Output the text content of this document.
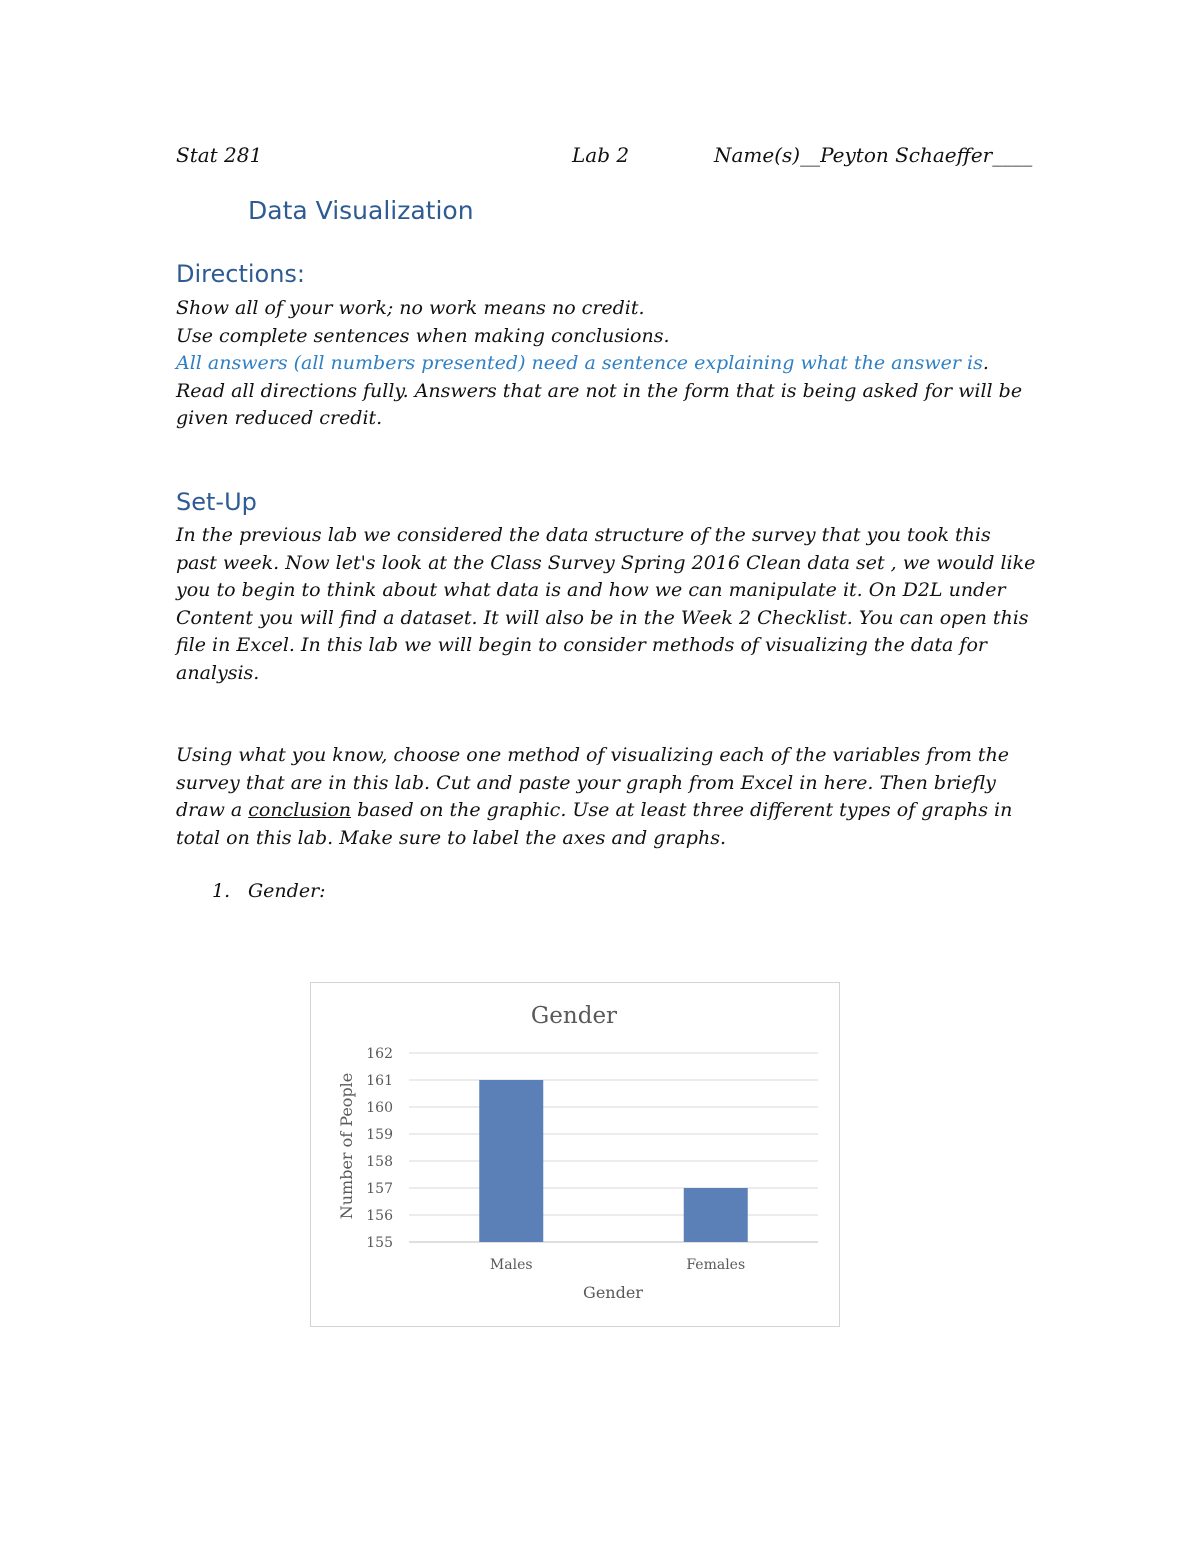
Stat 281	Lab 2	Name(s)__Peyton Schaeffer____
Data Visualization
Directions:

Show all of your work; no work means no credit.

Use complete sentences when making conclusions.

All answers (all numbers presented) need a sentence explaining what the answer is.

Read all directions fully. Answers that are not in the form that is being asked for will be given reduced credit.

Set-Up

In the previous lab we considered the data structure of the survey that you took this past week. Now let's look at the Class Survey Spring 2016 Clean data set , we would like you to begin to think about what data is and how we can manipulate it. On D2L under Content you will find a dataset. It will also be in the Week 2 Checklist. You can open this file in Excel. In this lab we will begin to consider methods of visualizing the data for analysis.

Using what you know, choose one method of visualizing each of the variables from the survey that are in this lab. Cut and paste your graph from Excel in here. Then briefly draw a conclusion based on the graphic. Use at least three different types of graphs in total on this lab. Make sure to label the axes and graphs.

1. Gender:
Gender
155
156
157
158
159
160
161
162
Males	Females
Gender
Number of People
